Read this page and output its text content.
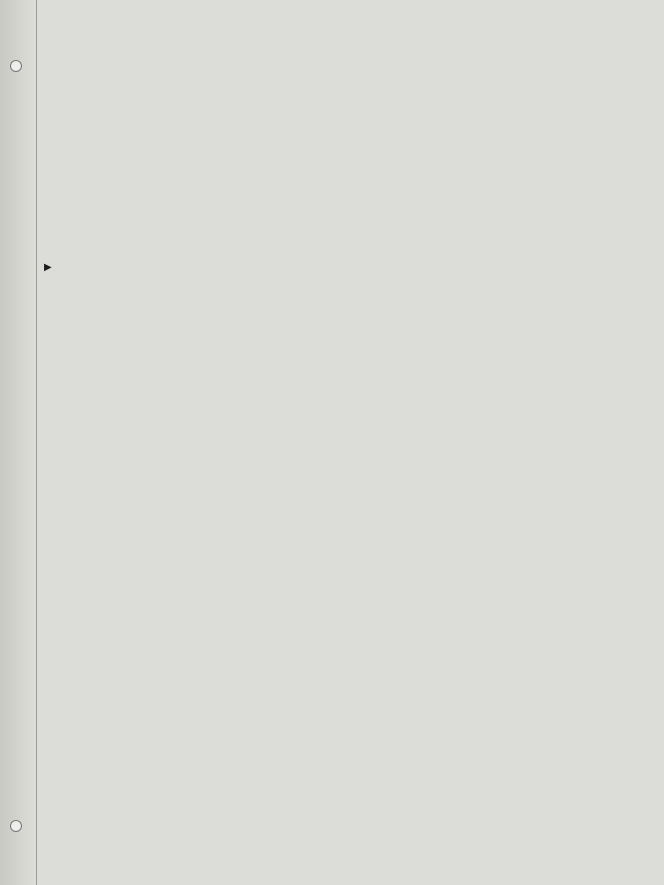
▶
